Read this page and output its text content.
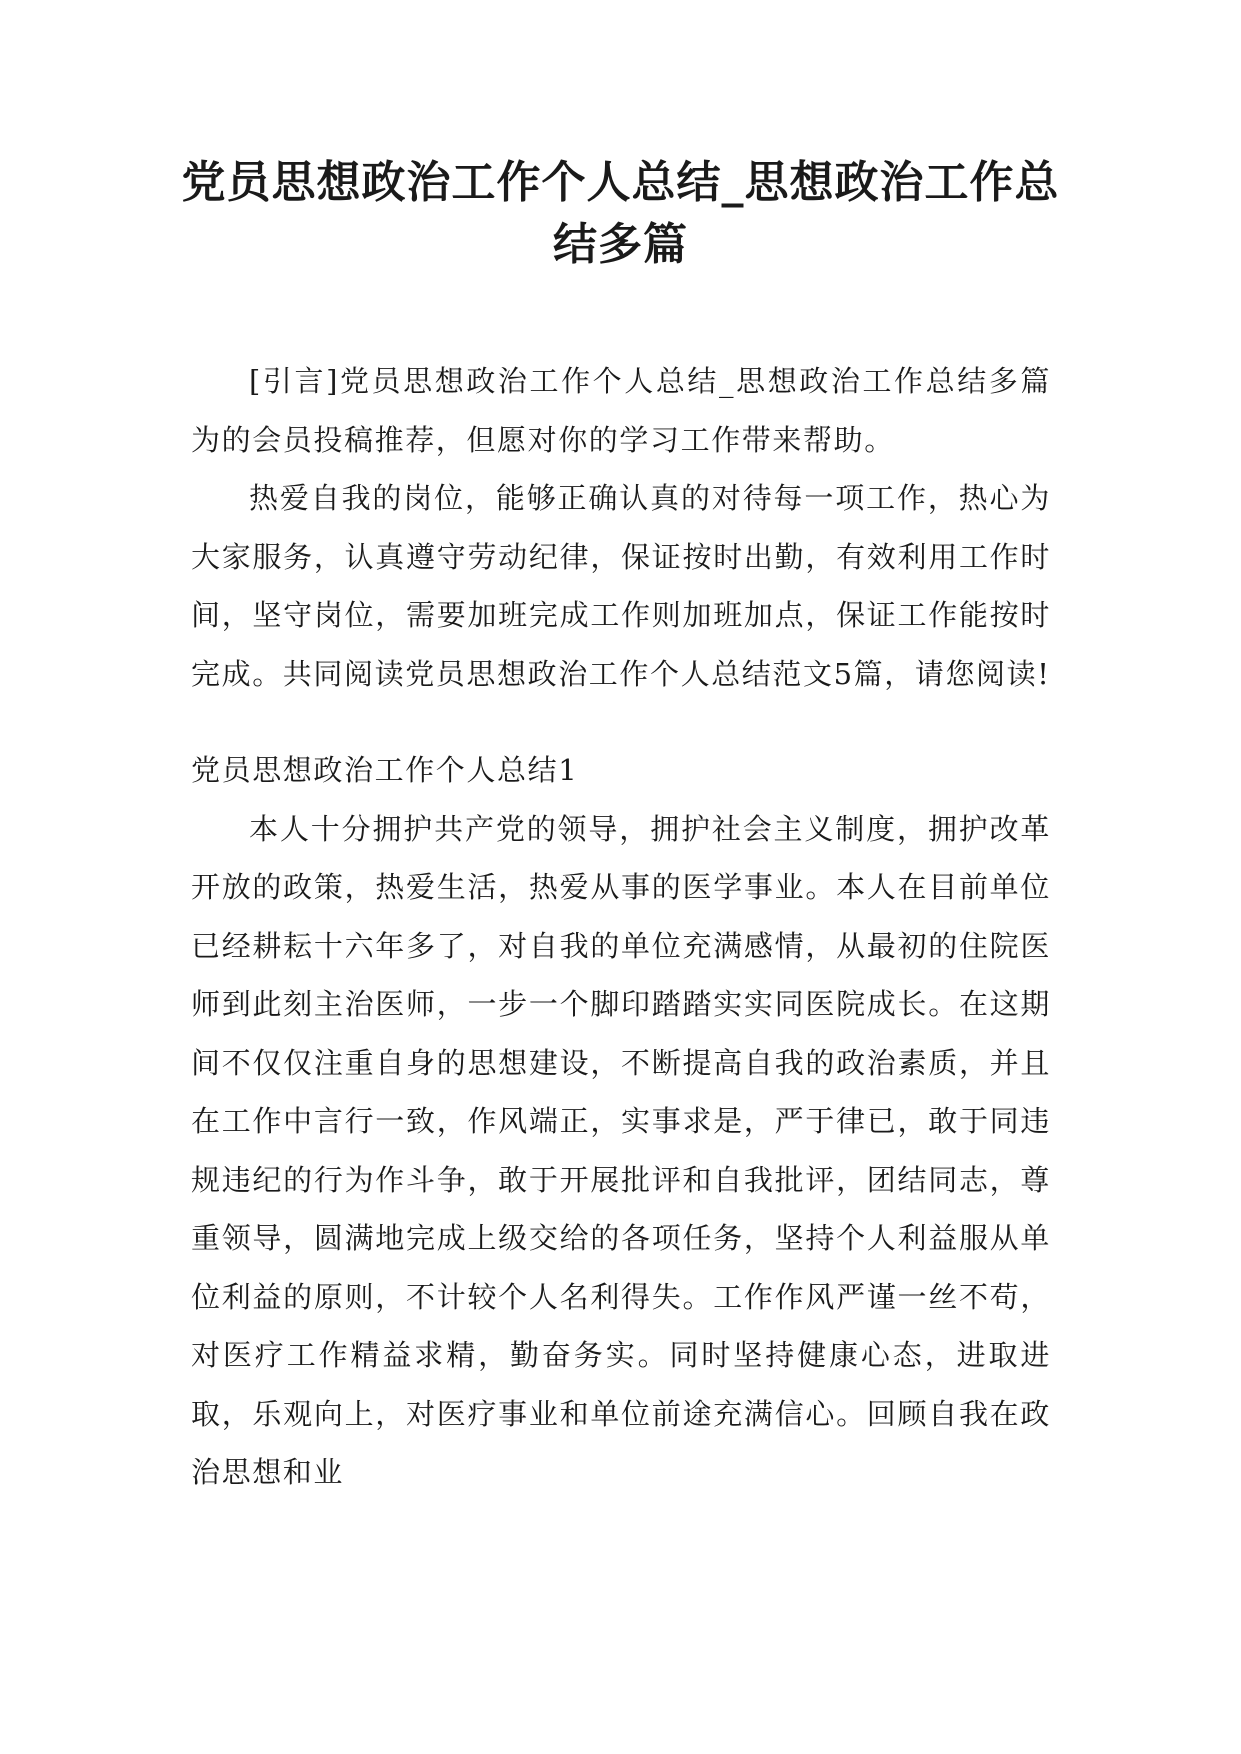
党员思想政治工作个人总结_思想政治工作总结多篇

[引言]党员思想政治工作个人总结_思想政治工作总结多篇为的会员投稿推荐，但愿对你的学习工作带来帮助。

热爱自我的岗位，能够正确认真的对待每一项工作，热心为大家服务，认真遵守劳动纪律，保证按时出勤，有效利用工作时间，坚守岗位，需要加班完成工作则加班加点，保证工作能按时完成。共同阅读党员思想政治工作个人总结范文5篇，请您阅读!

党员思想政治工作个人总结1

本人十分拥护共产党的领导，拥护社会主义制度，拥护改革开放的政策，热爱生活，热爱从事的医学事业。本人在目前单位已经耕耘十六年多了，对自我的单位充满感情，从最初的住院医师到此刻主治医师，一步一个脚印踏踏实实同医院成长。在这期间不仅仅注重自身的思想建设，不断提高自我的政治素质，并且在工作中言行一致，作风端正，实事求是，严于律已，敢于同违规违纪的行为作斗争，敢于开展批评和自我批评，团结同志，尊重领导，圆满地完成上级交给的各项任务，坚持个人利益服从单位利益的原则，不计较个人名利得失。工作作风严谨一丝不苟，对医疗工作精益求精，勤奋务实。同时坚持健康心态，进取进取，乐观向上，对医疗事业和单位前途充满信心。回顾自我在政治思想和业
